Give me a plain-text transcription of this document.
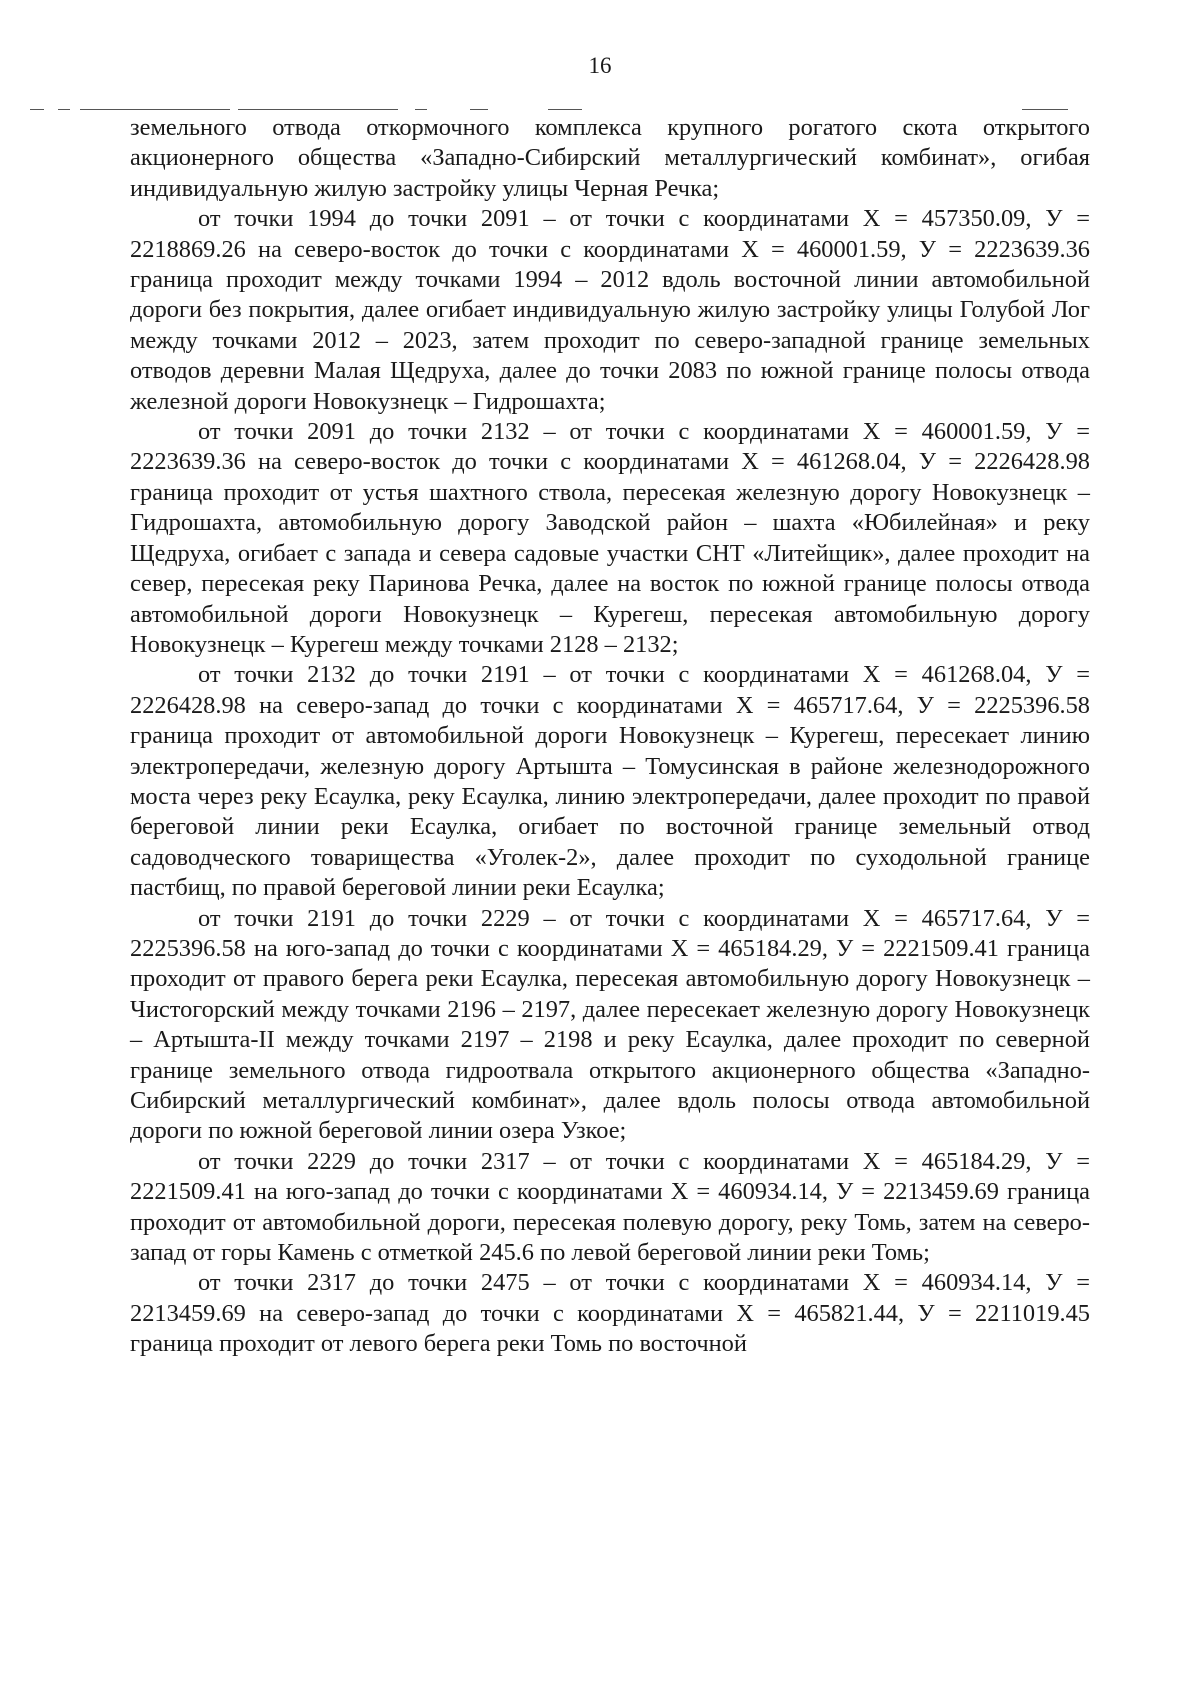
16

земельного отвода откормочного комплекса крупного рогатого скота открытого акционерного общества «Западно-Сибирский металлургический комбинат», огибая индивидуальную жилую застройку улицы Черная Речка;

от точки 1994 до точки 2091 – от точки с координатами Х = 457350.09, У = 2218869.26 на северо-восток до точки с координатами Х = 460001.59, У = 2223639.36 граница проходит между точками 1994 – 2012 вдоль восточной линии автомобильной дороги без покрытия, далее огибает индивидуальную жилую застройку улицы Голубой Лог между точками 2012 – 2023, затем проходит по северо-западной границе земельных отводов деревни Малая Щедруха, далее до точки 2083 по южной границе полосы отвода железной дороги Новокузнецк – Гидрошахта;

от точки 2091 до точки 2132 – от точки с координатами Х = 460001.59, У = 2223639.36 на северо-восток до точки с координатами Х = 461268.04, У = 2226428.98 граница проходит от устья шахтного ствола, пересекая железную дорогу Новокузнецк – Гидрошахта, автомобильную дорогу Заводской район – шахта «Юбилейная» и реку Щедруха, огибает с запада и севера садовые участки СНТ «Литейщик», далее проходит на север, пересекая реку Паринова Речка, далее на восток по южной границе полосы отвода автомобильной дороги Новокузнецк – Курегеш, пересекая автомобильную дорогу Новокузнецк – Курегеш между точками 2128 – 2132;

от точки 2132 до точки 2191 – от точки с координатами Х = 461268.04, У = 2226428.98 на северо-запад до точки с координатами Х = 465717.64, У = 2225396.58 граница проходит от автомобильной дороги Новокузнецк – Курегеш, пересекает линию электропередачи, железную дорогу Артышта – Томусинская в районе железнодорожного моста через реку Есаулка, реку Есаулка, линию электропередачи, далее проходит по правой береговой линии реки Есаулка, огибает по восточной границе земельный отвод садоводческого товарищества «Уголек-2», далее проходит по суходольной границе пастбищ, по правой береговой линии реки Есаулка;

от точки 2191 до точки 2229 – от точки с координатами Х = 465717.64, У = 2225396.58 на юго-запад до точки с координатами Х = 465184.29, У = 2221509.41 граница проходит от правого берега реки Есаулка, пересекая автомобильную дорогу Новокузнецк – Чистогорский между точками 2196 – 2197, далее пересекает железную дорогу Новокузнецк – Артышта-II между точками 2197 – 2198 и реку Есаулка, далее проходит по северной границе земельного отвода гидроотвала открытого акционерного общества «Западно-Сибирский металлургический комбинат», далее вдоль полосы отвода автомобильной дороги по южной береговой линии озера Узкое;

от точки 2229 до точки 2317 – от точки с координатами Х = 465184.29, У = 2221509.41 на юго-запад до точки с координатами Х = 460934.14, У = 2213459.69 граница проходит от автомобильной дороги, пересекая полевую дорогу, реку Томь, затем на северо-запад от горы Камень с отметкой 245.6 по левой береговой линии реки Томь;

от точки 2317 до точки 2475 – от точки с координатами Х = 460934.14, У = 2213459.69 на северо-запад до точки с координатами Х = 465821.44, У = 2211019.45 граница проходит от левого берега реки Томь по восточной
